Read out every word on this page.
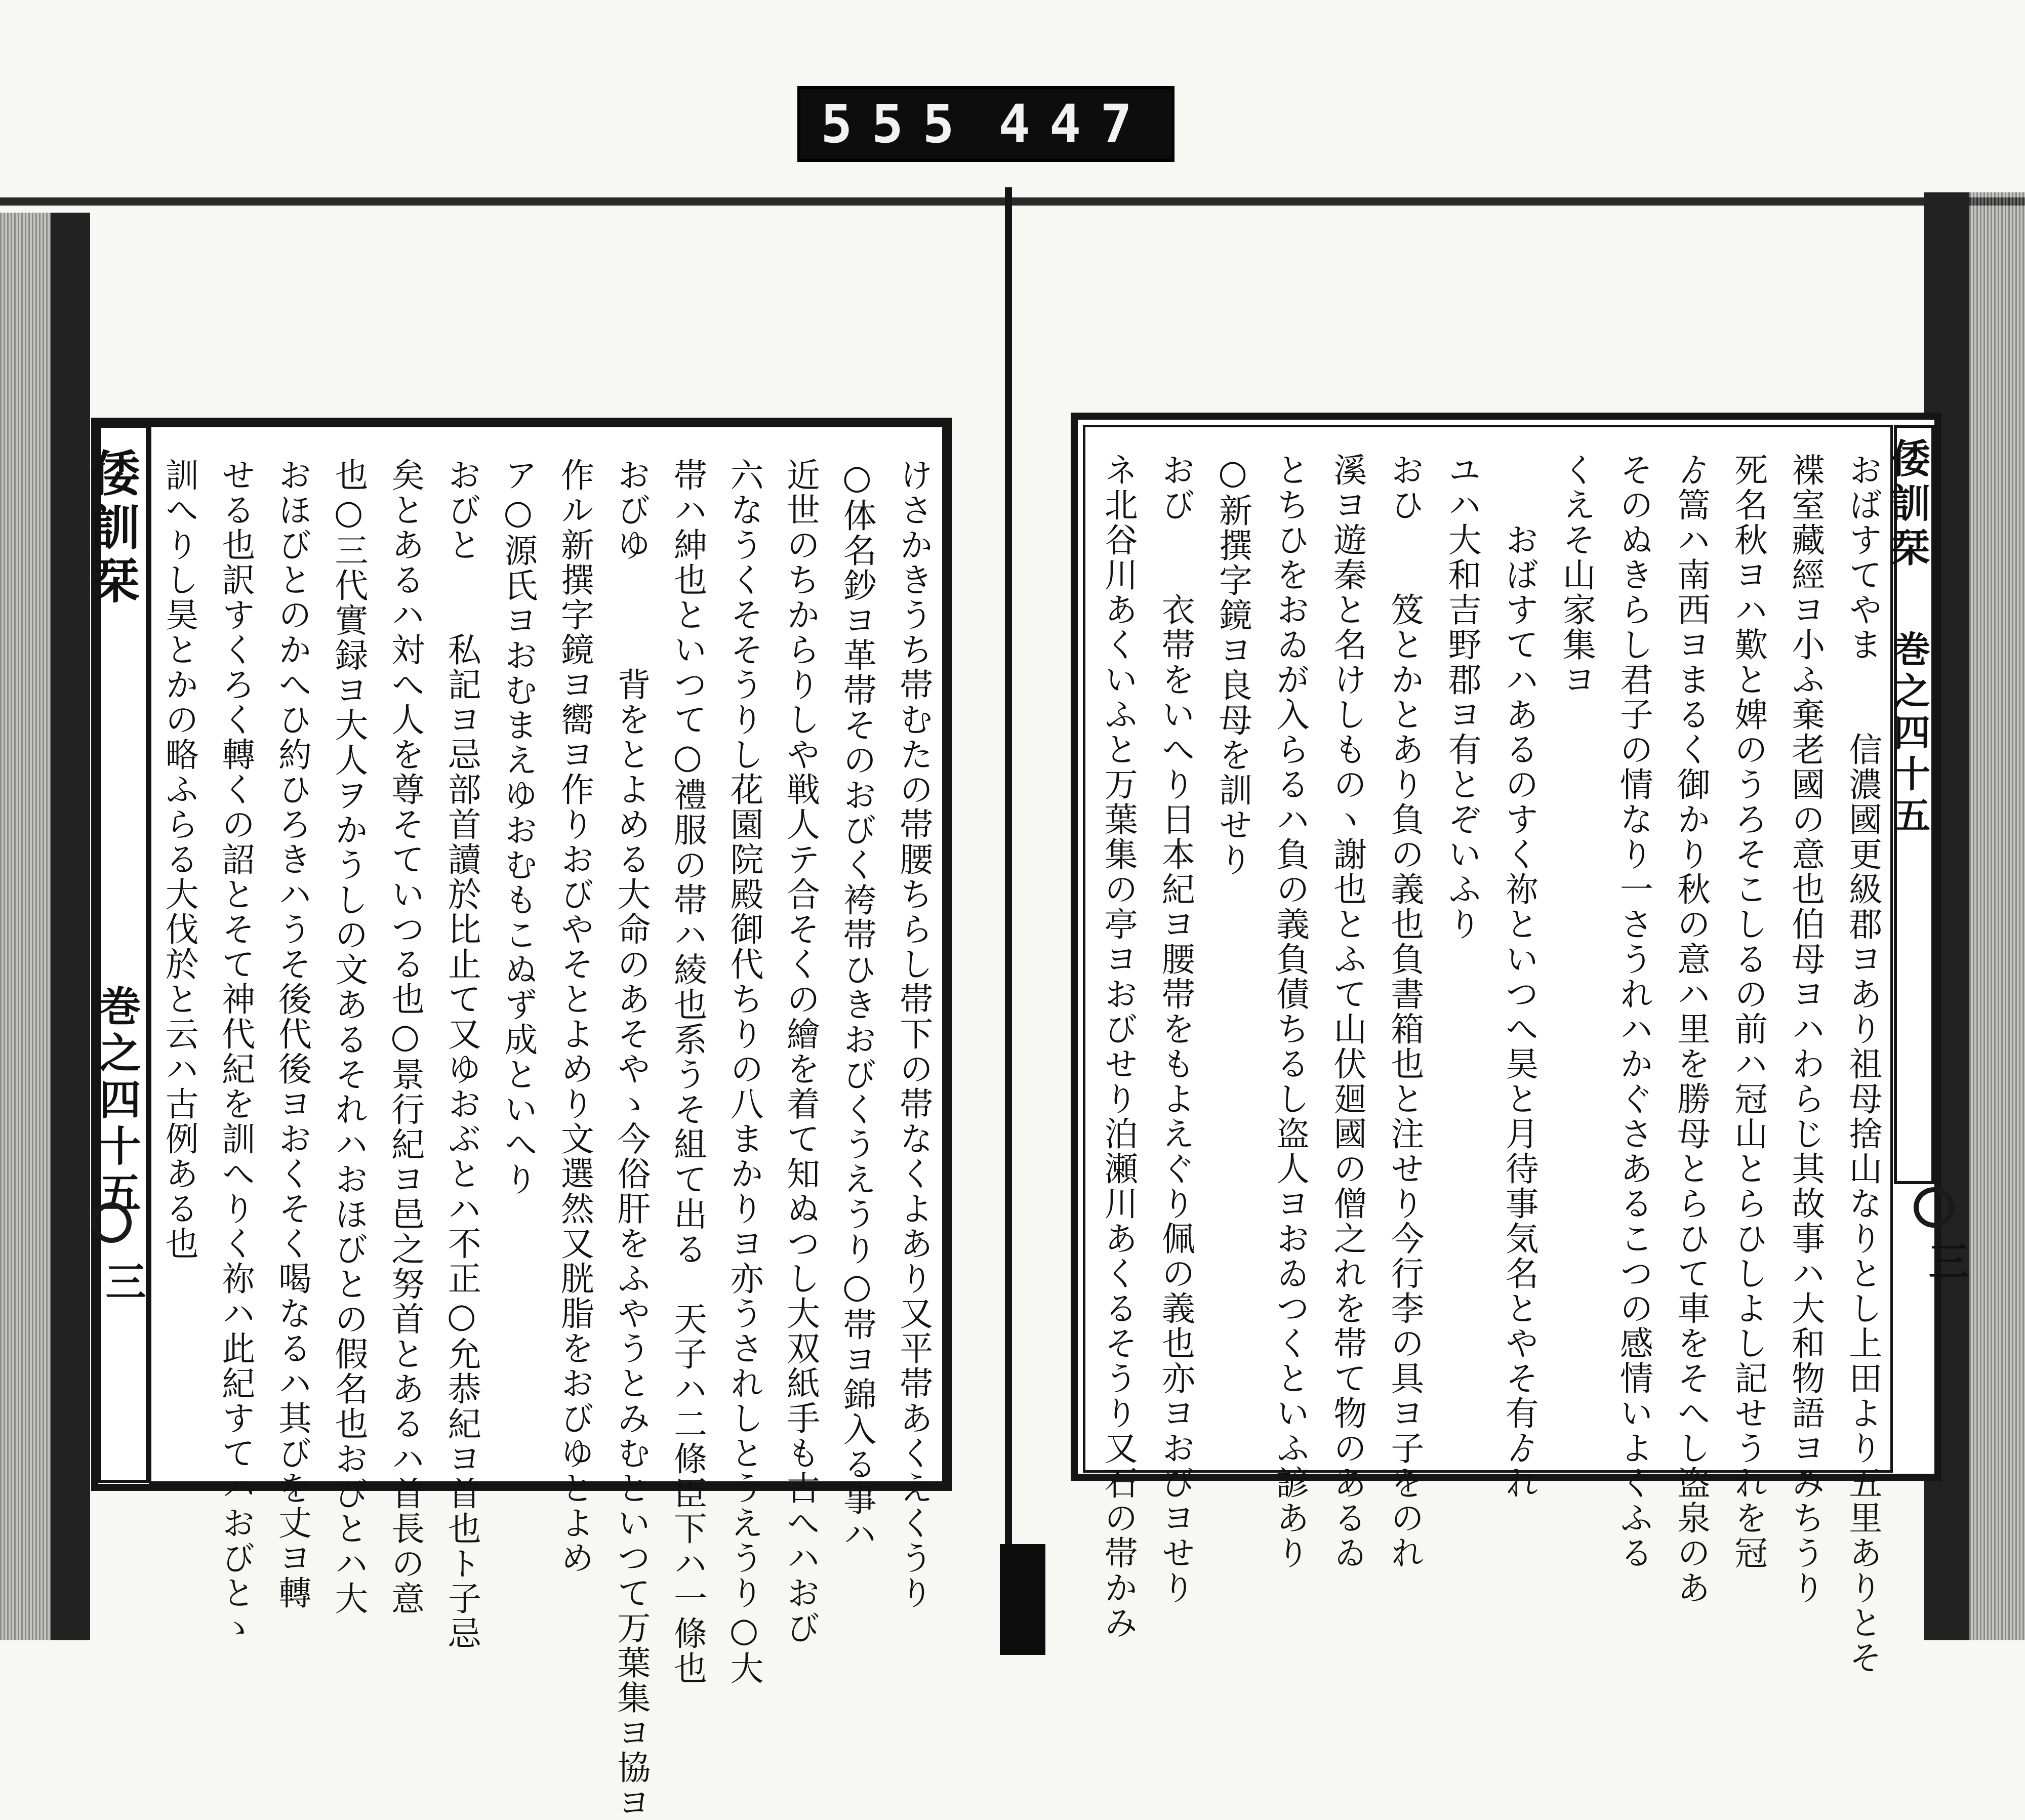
555 447
倭訓栞
巻之四十五	けさかきうち帯むたの帯腰ちらし帯下の帯なくよあり又平帯あくえくうり
○体名鈔ヨ革帯そのおびく袴帯ひきおびくうえうり○帯ヨ錦入る事ハ
近世のちからりしや戦人テ合そくの繪を着て知ぬつし大双紙手も古へハおび
六なうくそそうりし花園院殿御代ちりの八まかりヨ亦うされしとうえうり○大
帯ハ紳也といつて○禮服の帯ハ綾也系うそ組て出る　天子ハ二條臣下ハ一條也
おびゆ　　　背をとよめる大命のあそやゝ今俗肝をふやうとみむといつて万葉集ヨ協ヨ
作ル新撰字鏡ヨ嚮ヨ作りおびやそとよめり文選然又胱脂をおびゆとよめ
ア○源氏ヨおむまえゆおむもこぬず成といへり
おびと　　私記ヨ忌部首讀於比止て又ゆおぶとハ不正○允恭紀ヨ首也ト子忌
矣とあるハ対へ人を尊そていつる也○景行紀ヨ邑之努首とあるハ首長の意
也○三代實録ヨ大人ヲかうしの文あるそれハおほびとの假名也おびとハ大
おほびとのかへひ約ひろきハうそ後代後ヨおくそく喝なるハ其びを丈ヨ轉
せる也訳すくろく轉くの詔とそて神代紀を訓へりく祢ハ此紀すてハおびとゝ
訓へりし昊とかの略ふらる大伐於と云ハ古例ある也
三	おばすてやま　　信濃國更級郡ヨあり祖母捨山なりとし上田より五里ありとそ
褋室藏經ヨ小ふ棄老國の意也伯母ヨハわらじ其故事ハ大和物語ヨみちうり
死名秋ヨハ歎と婢のうろそこしるの前ハ冠山とらひしよし記せうれを冠
ゟ篙ハ南西ヨまるく御かり秋の意ハ里を勝母とらひて車をそへし盗泉のあ
そのぬきらし君子の情なり一さうれハかぐさあるこつの感情いよくふる
くえそ山家集ヨ
　　おばすてハあるのすく祢といつへ昊と月待事気名とやそ有ゟれ
ユハ大和吉野郡ヨ有とぞいふり
おひ　　笈とかとあり負の義也負書箱也と注せり今行李の具ヨ子をのれ
溪ヨ遊秦と名けしものヽ謝也とふて山伏廻國の僧之れを帯て物のあるゐ
とちひをおゐが入らるハ負の義負債ちるし盗人ヨおゐつくといふ諺あり
○新撰字鏡ヨ良母を訓せり
おび　　衣帯をいへり日本紀ヨ腰帯をもよえぐり佩の義也亦ヨおびヨせり
ネ北谷川あくいふと万葉集の亭ヨおびせり泊瀬川あくるそうり又石の帯かみ	倭訓栞
巻之四十五
三
